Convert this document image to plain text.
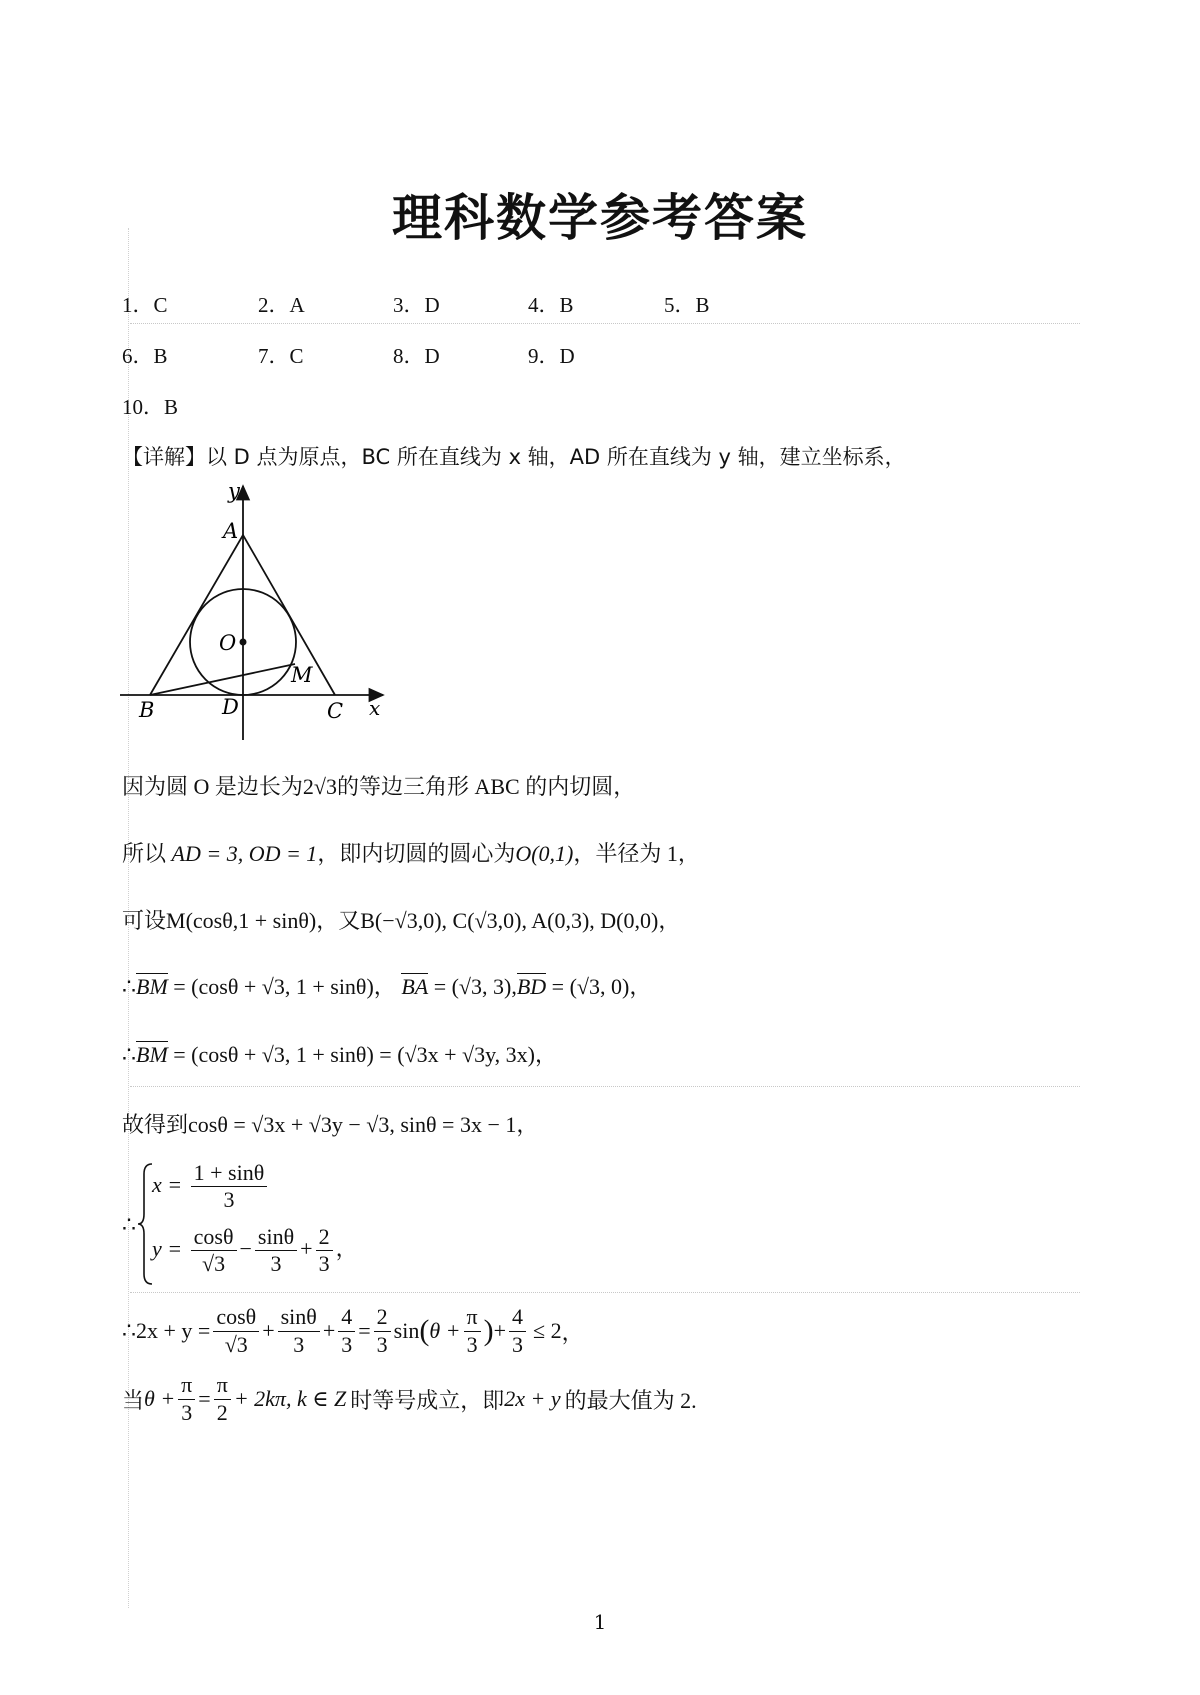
理科数学参考答案
1．C	2．A	3．D	4．B	5．B
6．B	7．C	8．D	9．D
10．B
【详解】以 D 点为原点，BC 所在直线为 x 轴，AD 所在直线为 y 轴，建立坐标系，
y
A
O
M
B	D	C x
因为圆 O 是边长为2√3的等边三角形 ABC 的内切圆，
所以 AD = 3, OD = 1，即内切圆的圆心为O(0,1)，半径为 1，
可设M(cosθ,1 + sinθ)，又B(−√3,0), C(√3,0), A(0,3), D(0,0)，
∴BM = (cosθ + √3, 1 + sinθ)， BA = (√3, 3),BD = (√3, 0)，
∴BM = (cosθ + √3, 1 + sinθ) = (√3x + √3y, 3x)，
故得到cosθ = √3x + √3y − √3, sinθ = 3x − 1，
∴
$x = \frac{1 + \sin\theta}{3}$
$y = \frac{\cos\theta}{√3} - \frac{\sin\theta}{3} + \frac{2}{3}$ ，
∴2x + $y = \frac{\cos\theta}{√3} + \frac{\sin\theta}{3} + \frac{4}{3} = \frac{2}{3}$ sin ( $\theta + \frac{\pi}{3}$ ) + $\frac{4}{3} \le 2$ ，
当 $\theta + \frac{\pi}{3} = \frac{\pi}{2} + 2k\pi$, k ∈ Z 时等号成立，即 2x + y 的最大值为 2.
1
